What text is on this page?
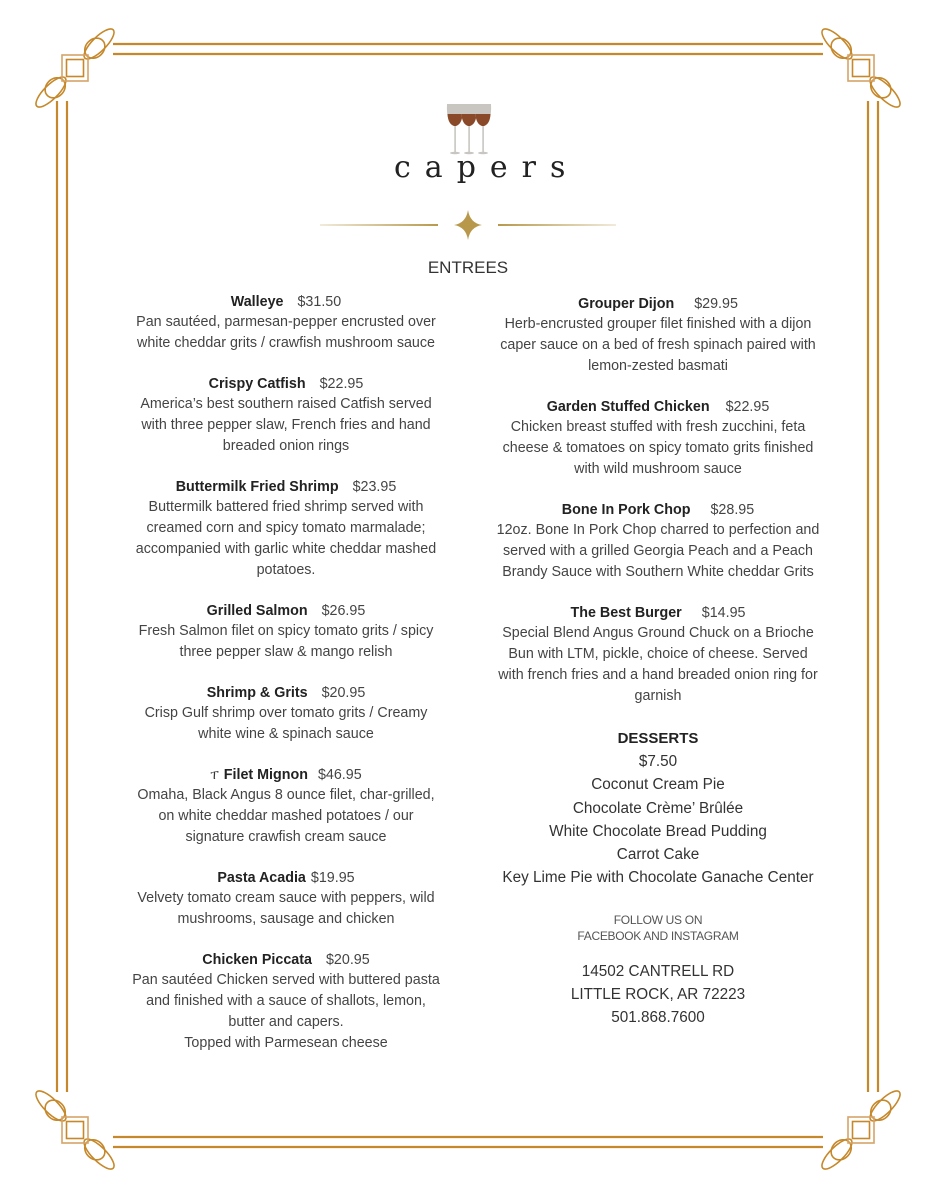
capers
ENTREES
Walleye $31.50
Pan sautéed, parmesan-pepper encrusted over
white cheddar grits / crawfish mushroom sauce
Crispy Catfish $22.95
America’s best southern raised Catfish served
with three pepper slaw, French fries and hand
breaded onion rings
Buttermilk Fried Shrimp $23.95
Buttermilk battered fried shrimp served with
creamed corn and spicy tomato marmalade;
accompanied with garlic white cheddar mashed
potatoes.
Grilled Salmon $26.95
Fresh Salmon filet on spicy tomato grits / spicy
three pepper slaw & mango relish
Shrimp & Grits $20.95
Crisp Gulf shrimp over tomato grits / Creamy
white wine & spinach sauce
ፐ Filet Mignon $46.95
Omaha, Black Angus 8 ounce filet, char-grilled,
on white cheddar mashed potatoes / our
signature crawfish cream sauce
Pasta Acadia $19.95
Velvety tomato cream sauce with peppers, wild
mushrooms, sausage and chicken
Chicken Piccata $20.95
Pan sautéed Chicken served with buttered pasta
and finished with a sauce of shallots, lemon,
butter and capers.
Topped with Parmesean cheese
Grouper Dijon $29.95
Herb-encrusted grouper filet finished with a dijon
caper sauce on a bed of fresh spinach paired with
lemon-zested basmati
Garden Stuffed Chicken $22.95
Chicken breast stuffed with fresh zucchini, feta
cheese & tomatoes on spicy tomato grits finished
with wild mushroom sauce
Bone In Pork Chop $28.95
12oz. Bone In Pork Chop charred to perfection and
served with a grilled Georgia Peach and a Peach
Brandy Sauce with Southern White cheddar Grits
The Best Burger $14.95
Special Blend Angus Ground Chuck on a Brioche
Bun with LTM, pickle, choice of cheese. Served
with french fries and a hand breaded onion ring for
garnish
DESSERTS
$7.50
Coconut Cream Pie
Chocolate Crème’ Brûlée
White Chocolate Bread Pudding
Carrot Cake
Key Lime Pie with Chocolate Ganache Center
FOLLOW US ON
FACEBOOK AND INSTAGRAM
14502 CANTRELL RD
LITTLE ROCK, AR 72223
501.868.7600
